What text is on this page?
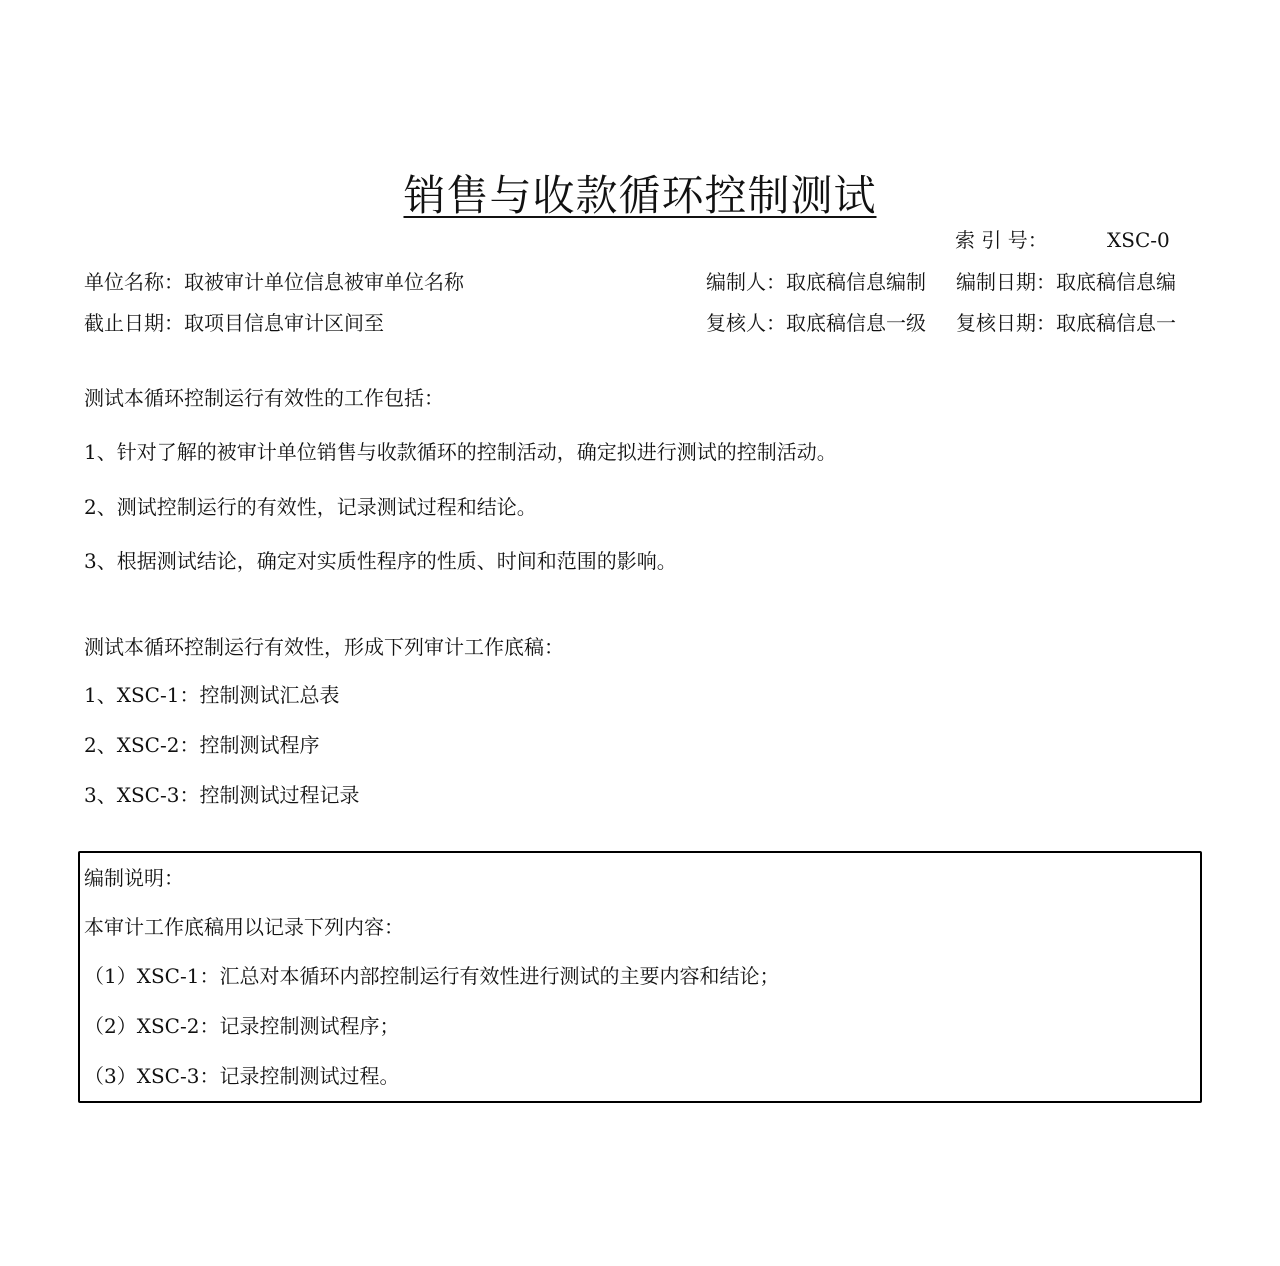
销售与收款循环控制测试
索 引 号：	XSC-0
单位名称：取被审计单位信息被审单位名称	编制人：取底稿信息编制	编制日期：取底稿信息编
截止日期：取项目信息审计区间至	复核人：取底稿信息一级	复核日期：取底稿信息一
测试本循环控制运行有效性的工作包括：
1、针对了解的被审计单位销售与收款循环的控制活动，确定拟进行测试的控制活动。
2、测试控制运行的有效性，记录测试过程和结论。
3、根据测试结论，确定对实质性程序的性质、时间和范围的影响。
测试本循环控制运行有效性，形成下列审计工作底稿：
1、XSC-1：控制测试汇总表
2、XSC-2：控制测试程序
3、XSC-3：控制测试过程记录
编制说明：
本审计工作底稿用以记录下列内容：
（1）XSC-1：汇总对本循环内部控制运行有效性进行测试的主要内容和结论；
（2）XSC-2：记录控制测试程序；
（3）XSC-3：记录控制测试过程。
